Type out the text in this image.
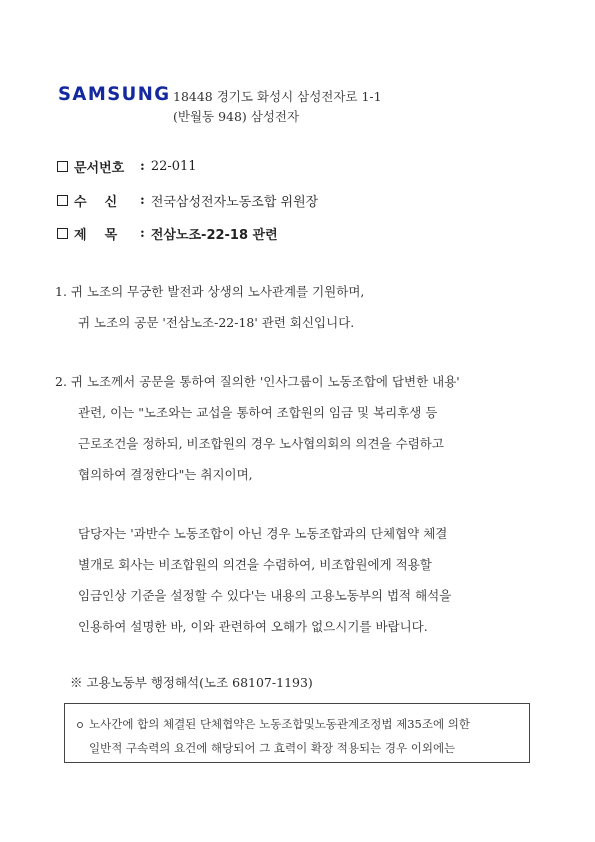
SAMSUNG 18448 경기도 화성시 삼성전자로 1-1
(반월동 948) 삼성전자
문서번호	: 22-011
수    신	: 전국삼성전자노동조합 위원장
제    목	: 전삼노조-22-18 관련
1. 귀 노조의 무궁한 발전과 상생의 노사관계를 기원하며,
귀 노조의 공문 '전삼노조-22-18' 관련 회신입니다.
2. 귀 노조께서 공문을 통하여 질의한 '인사그룹이 노동조합에 답변한 내용'
관련, 이는 "노조와는 교섭을 통하여 조합원의 임금 및 복리후생 등
근로조건을 정하되, 비조합원의 경우 노사협의회의 의견을 수렴하고
협의하여 결정한다"는 취지이며,
담당자는 '과반수 노동조합이 아닌 경우 노동조합과의 단체협약 체결
별개로 회사는 비조합원의 의견을 수렴하여, 비조합원에게 적용할
임금인상 기준을 설정할 수 있다'는 내용의 고용노동부의 법적 해석을
인용하여 설명한 바, 이와 관련하여 오해가 없으시기를 바랍니다.
※ 고용노동부 행정해석(노조 68107-1193)
노사간에 합의 체결된 단체협약은 노동조합및노동관계조정법 제35조에 의한
일반적 구속력의 요건에 해당되어 그 효력이 확장 적용되는 경우 이외에는
